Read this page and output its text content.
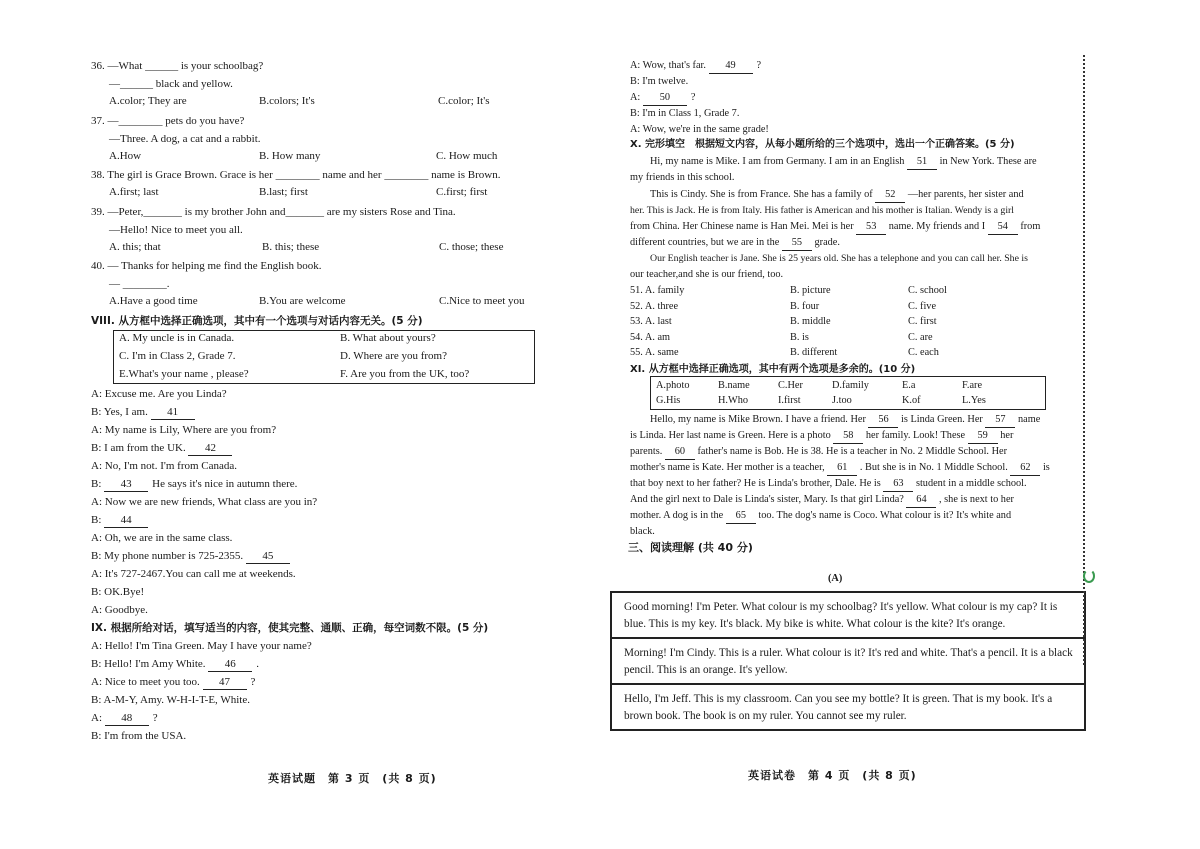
36. —What ______ is your schoolbag?
—______ black and yellow.
A.color; They are	B.colors; It's	C.color; It's
37. —________ pets do you have?
—Three. A dog, a cat and a rabbit.
A.How	B. How many	C. How much
38. The girl is Grace Brown. Grace is her ________ name and her ________ name is Brown.
A.first; last	B.last; first	C.first; first
39. —Peter,_______ is my brother John and_______ are my sisters Rose and Tina.
—Hello! Nice to meet you all.
A. this; that	B. this; these	C. those; these
40. — Thanks for helping me find the English book.
— ________.
A.Have a good time	B.You are welcome	C.Nice to meet you
VIII. 从方框中选择正确选项，其中有一个选项与对话内容无关。(5 分)
A. My uncle is in Canada.	B. What about yours?
C. I'm in Class 2, Grade 7.	D. Where are you from?
E.What's your name , please?	F. Are you from the UK, too?
A: Excuse me. Are you Linda?
B: Yes, I am. 41
A: My name is Lily, Where are you from?
B: I am from the UK. 42
A: No, I'm not. I'm from Canada.
B: 43 He says it's nice in autumn there.
A: Now we are new friends, What class are you in?
B: 44
A: Oh, we are in the same class.
B: My phone number is 725-2355. 45
A: It's 727-2467.You can call me at weekends.
B: OK.Bye!
A: Goodbye.
IX. 根据所给对话，填写适当的内容，使其完整、通顺、正确，每空词数不限。(5 分)
A: Hello! I'm Tina Green. May I have your name?
B: Hello! I'm Amy White. 46 .
A: Nice to meet you too. 47 ?
B: A-M-Y, Amy. W-H-I-T-E, White.
A: 48 ?
B: I'm from the USA.
英语试题　第 3 页　(共 8 页)
A: Wow, that's far. 49 ?
B: I'm twelve.
A: 50 ?
B: I'm in Class 1, Grade 7.
A: Wow, we're in the same grade!
X. 完形填空　根据短文内容，从每小题所给的三个选项中，选出一个正确答案。(5 分)
Hi, my name is Mike. I am from Germany. I am in an English 51 in New York. These are
my friends in this school.
This is Cindy. She is from France. She has a family of 52 —her parents, her sister and
her. This is Jack. He is from Italy. His father is American and his mother is Italian. Wendy is a girl
from China. Her Chinese name is Han Mei. Mei is her 53 name. My friends and I 54 from
different countries, but we are in the 55 grade.
Our English teacher is Jane. She is 25 years old. She has a telephone and you can call her. She is
our teacher,and she is our friend, too.
51. A. family	B. picture	C. school
52. A. three	B. four	C. five
53. A. last	B. middle	C. first
54. A. am	B. is	C. are
55. A. same	B. different	C. each
XI. 从方框中选择正确选项，其中有两个选项是多余的。(10 分)
A.photo	B.name	C.Her	D.family	E.a	F.are
G.His	H.Who	I.first	J.too	K.of	L.Yes
Hello, my name is Mike Brown. I have a friend. Her 56 is Linda Green. Her 57 name
is Linda. Her last name is Green. Here is a photo 58 her family. Look! These 59 her
parents. 60 father's name is Bob. He is 38. He is a teacher in No. 2 Middle School. Her
mother's name is Kate. Her mother is a teacher, 61 . But she is in No. 1 Middle School. 62 is
that boy next to her father? He is Linda's brother, Dale. He is 63 student in a middle school.
And the girl next to Dale is Linda's sister, Mary. Is that girl Linda? 64 , she is next to her
mother. A dog is in the 65 too. The dog's name is Coco. What colour is it? It's white and
black.
三、阅读理解 (共 40 分)
(A)
英语试卷　第 4 页　(共 8 页)
Good morning! I'm Peter. What colour is my schoolbag? It's yellow. What colour is my cap? It is blue. This is my key. It's black. My bike is white. What colour is the kite? It's orange.
Morning! I'm Cindy. This is a ruler. What colour is it? It's red and white. That's a pencil. It is a black pencil. This is an orange. It's yellow.
Hello, I'm Jeff. This is my classroom. Can you see my bottle? It is green. That is my book. It's a brown book. The book is on my ruler. You cannot see my ruler.
